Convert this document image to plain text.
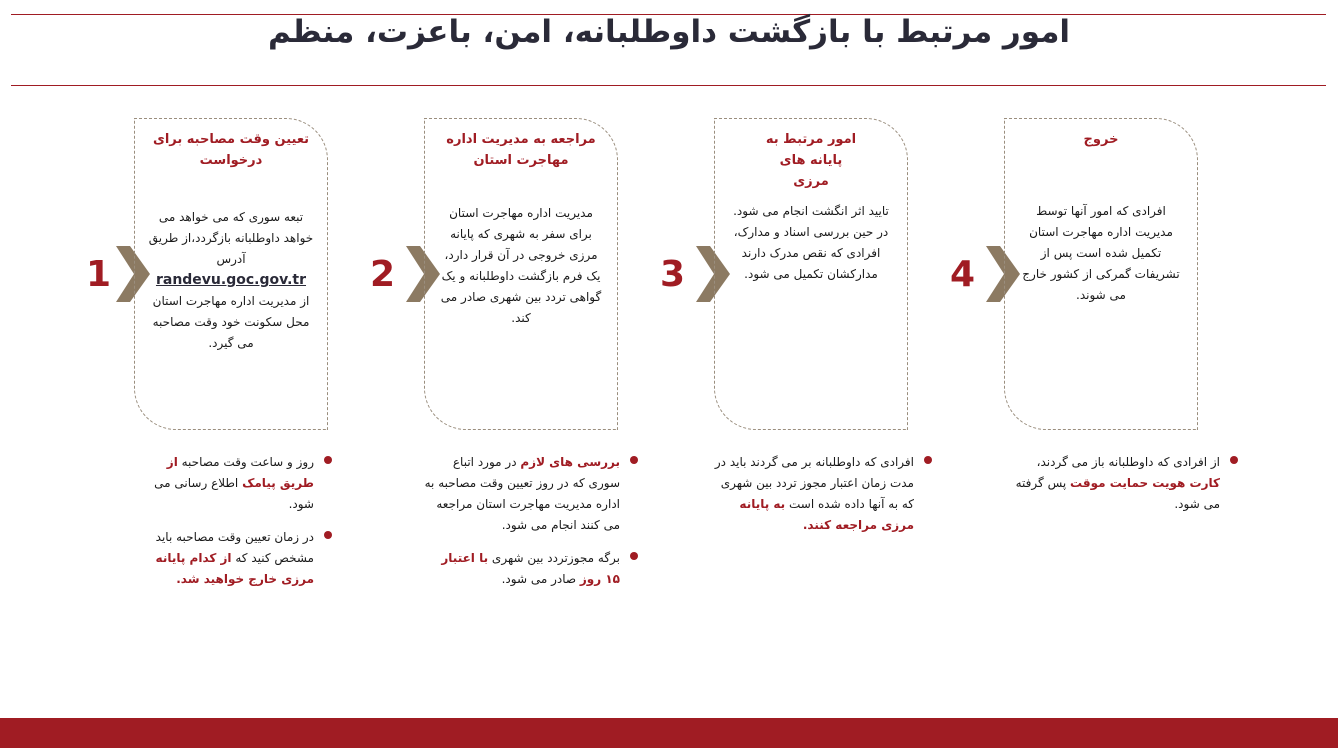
امور مرتبط با بازگشت داوطلبانه، امن، باعزت، منظم
1
تعیین وقت مصاحبه برای درخواست
تبعه سوری که می خواهد می خواهد داوطلبانه بازگردد،از طریق آدرس
randevu.goc.gov.tr
از مدیریت اداره مهاجرت استان محل سکونت خود وقت مصاحبه می گیرد.
روز و ساعت وقت مصاحبه از طریق پیامک اطلاع رسانی می شود.
در زمان تعیین وقت مصاحبه باید مشخص کنید که از کدام پایانه مرزی خارج خواهید شد.
2
مراجعه به مدیریت اداره مهاجرت استان
مدیریت اداره مهاجرت استان برای سفر به شهری که پایانه مرزی خروجی در آن قرار دارد، یک فرم بازگشت داوطلبانه و یک گواهی تردد بین شهری صادر می کند.
بررسی های لازم در مورد اتباع سوری که در روز تعیین وقت مصاحبه به اداره مدیریت مهاجرت استان مراجعه می کنند انجام می شود.
برگه مجوزتردد بین شهری با اعتبار ۱۵ روز صادر می شود.
3
امور مرتبط به پایانه های مرزی
تایید اثر انگشت انجام می شود. در حین بررسی اسناد و مدارک، افرادی که نقص مدرک دارند مدارکشان تکمیل می شود.
افرادی که داوطلبانه بر می گردند باید در مدت زمان اعتبار مجوز تردد بین شهری که به آنها داده شده است به پایانه مرزی مراجعه کنند.
4
خروج
افرادی که امور آنها توسط مدیریت اداره مهاجرت استان تکمیل شده است پس از تشریفات گمرکی از کشور خارج می شوند.
از افرادی که داوطلبانه باز می گردند، کارت هویت حمایت موقت پس گرفته می شود.
